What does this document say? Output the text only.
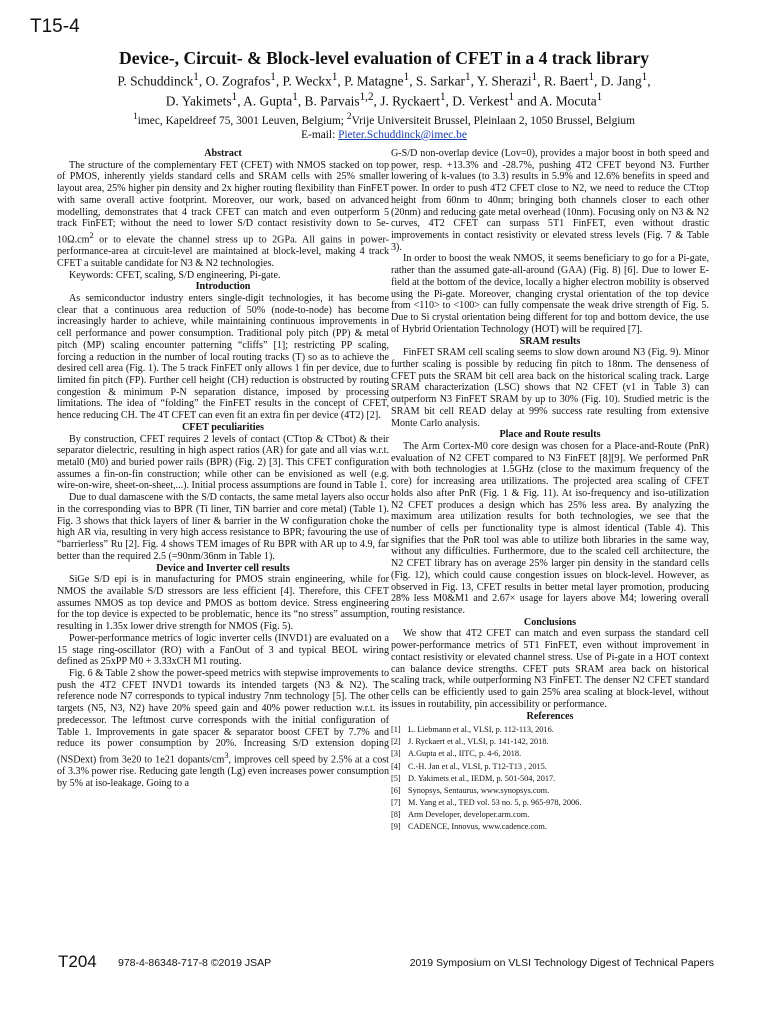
T15-4
Device-, Circuit- & Block-level evaluation of CFET in a 4 track library
P. Schuddinck$^1$, O. Zografos$^1$, P. Weckx$^1$, P. Matagne$^1$, S. Sarkar$^1$, Y. Sherazi$^1$, R. Baert$^1$, D. Jang$^1$,
D. Yakimets$^1$, A. Gupta$^1$, B. Parvais$^{1,2}$, J. Ryckaert$^1$, D. Verkest$^1$ and A. Mocuta$^1$
$^1$imec, Kapeldreef 75, 3001 Leuven, Belgium; $^2$Vrije Universiteit Brussel, Pleinlaan 2, 1050 Brussel, Belgium
E-mail: Pieter.Schuddinck@imec.be
Abstract

The structure of the complementary FET (CFET) with NMOS stacked on top of PMOS, inherently yields standard cells and SRAM cells with 25% smaller layout area, 25% higher pin density and 2x higher routing flexibility than FinFET with same overall active footprint. Moreover, our work, based on advanced modelling, demonstrates that 4 track CFET can match and even outperform 5 track FinFET; without the need to lower S/D contact resistivity down to $5e-10\Omega.cm^2$ or to elevate the channel stress up to 2GPa. All gains in power-performance-area at circuit-level are maintained at block-level, making 4 track CFET a suitable candidate for N3 & N2 technologies.

Keywords: CFET, scaling, S/D engineering, Pi-gate.

Introduction

As semiconductor industry enters single-digit technologies, it has become clear that a continuous area reduction of 50% (node-to-node) has become increasingly harder to achieve, while maintaining continuous improvements in cell performance and power consumption. Traditional poly pitch (PP) & metal pitch (MP) scaling encounter patterning “cliffs” [1]; restricting PP scaling, forcing a reduction in the number of local routing tracks (T) so as to achieve the desired cell area (Fig. 1). The 5 track FinFET only allows 1 fin per device, due to limited fin pitch (FP). Further cell height (CH) reduction is obstructed by routing congestion & minimum P-N separation distance, imposed by processing limitations. The idea of “folding” the FinFET results in the concept of CFET, hence reducing CH. The 4T CFET can even fit an extra fin per device (4T2) [2].

CFET peculiarities

By construction, CFET requires 2 levels of contact (CTtop & CTbot) & their separator dielectric, resulting in high aspect ratios (AR) for gate and all vias w.r.t. metal0 (M0) and buried power rails (BPR) (Fig. 2) [3]. This CFET configuration assumes a fin-on-fin construction; while other can be envisioned as well (e.g. wire-on-wire, sheet-on-sheet,...). Initial process assumptions are found in Table 1.

Due to dual damascene with the S/D contacts, the same metal layers also occur in the corresponding vias to BPR (Ti liner, TiN barrier and core metal) (Table 1). Fig. 3 shows that thick layers of liner & barrier in the W configuration choke the high AR via, resulting in very high access resistance to BPR; favouring the use of “barrierless” Ru [2]. Fig. 4 shows TEM images of Ru BPR with AR up to 4.9, far better than the required 2.5 (=90nm/36nm in Table 1).

Device and Inverter cell results

SiGe S/D epi is in manufacturing for PMOS strain engineering, while for NMOS the available S/D stressors are less efficient [4]. Therefore, this CFET assumes NMOS as top device and PMOS as bottom device. Stress engineering for the top device is expected to be problematic, hence its “no stress” assumption, resulting in 1.35x lower drive strength for NMOS (Fig. 5).

Power-performance metrics of logic inverter cells (INVD1) are evaluated on a 15 stage ring-oscillator (RO) with a FanOut of 3 and typical BEOL wiring defined as 25xPP M0 + 3.33xCH M1 routing.

Fig. 6 & Table 2 show the power-speed metrics with stepwise improvements to push the 4T2 CFET INVD1 towards its intended targets (N3 & N2). The reference node N7 corresponds to typical industry 7nm technology [5]. The other targets (N5, N3, N2) have 20% speed gain and 40% power reduction w.r.t. its predecessor. The leftmost curve corresponds with the initial configuration of Table 1. Improvements in gate spacer & separator boost CFET by 7.7% and reduce its power consumption by 20%. Increasing S/D extension doping (NSDext) from 3e20 to 1e21 dopants/$cm^3$, improves cell speed by 2.5% at a cost of 3.3% power rise. Reducing gate length (Lg) even increases power consumption by 5% at iso-leakage. Going to a

G-S/D non-overlap device (Lov=0), provides a major boost in both speed and power, resp. +13.3% and -28.7%, pushing 4T2 CFET beyond N3. Further lowering of k-values (to 3.3) results in 5.9% and 12.6% benefits in speed and power. In order to push 4T2 CFET close to N2, we need to reduce the CTtop height from 60nm to 40nm; bringing both channels closer to each other (20nm) and reducing gate metal overhead (10nm). Focusing only on N3 & N2 curves, 4T2 CFET can surpass 5T1 FinFET, even without drastic improvements in contact resistivity or elevated stress levels (Fig. 7 & Table 3).

In order to boost the weak NMOS, it seems beneficiary to go for a Pi-gate, rather than the assumed gate-all-around (GAA) (Fig. 8) [6]. Due to lower E-field at the bottom of the device, locally a higher electron mobility is observed using the Pi-gate. Moreover, changing crystal orientation of the top device from <110> to <100> can fully compensate the weak drive strength of Fig. 5. Due to Si crystal orientation being different for top and bottom device, the use of Hybrid Orientation Technology (HOT) will be required [7].

SRAM results

FinFET SRAM cell scaling seems to slow down around N3 (Fig. 9). Minor further scaling is possible by reducing fin pitch to 18nm. The denseness of CFET puts the SRAM bit cell area back on the historical scaling track. Large SRAM characterization (LSC) shows that N2 CFET (v1 in Table 3) can outperform N3 FinFET SRAM by up to 30% (Fig. 10). Studied metric is the SRAM bit cell READ delay at 99% success rate resulting from extensive Monte Carlo analysis.

Place and Route results

The Arm Cortex-M0 core design was chosen for a Place-and-Route (PnR) evaluation of N2 CFET compared to N3 FinFET [8][9]. We performed PnR with both technologies at 1.5GHz (close to the maximum frequency of the core) for increasing area utilizations. The projected area scaling of CFET holds also after PnR (Fig. 1 & Fig. 11). At iso-frequency and iso-utilization N2 CFET produces a design which has 25% less area. By analyzing the maximum area utilization results for both technologies, we see that the number of cells per functionality type is almost identical (Table 4). This signifies that the PnR tool was able to utilize both libraries in the same way, without any difficulties. Furthermore, due to the scaled cell architecture, the N2 CFET library has on average 25% larger pin density in the standard cells (Fig. 12), which could cause congestion issues on block-level. However, as observed in Fig. 13, CFET results in better metal layer promotion, producing 28% less M0&M1 and 2.67× usage for layers above M4; lowering overall routing resistance.

Conclusions

We show that 4T2 CFET can match and even surpass the standard cell power-performance metrics of 5T1 FinFET, even without improvement in contact resistivity or elevated channel stress. Use of Pi-gate in a HOT context can balance device strengths. CFET puts SRAM area back on historical scaling track, while outperforming N3 FinFET. The denser N2 CFET standard cells can be efficiently used to gain 25% area scaling at block-level, without issues in routability, pin accessibility or performance.

References
[1] L. Liebmann et al., VLSI, p. 112-113, 2016.
[2] J. Ryckaert et al., VLSI, p. 141-142, 2018.
[3] A.Gupta et al., IITC, p. 4-6, 2018.
[4] C.-H. Jan et al., VLSI, p. T12-T13 , 2015.
[5] D. Yakimets et al., IEDM, p. 501-504, 2017.
[6] Synopsys, Sentaurus, www.synopsys.com.
[7] M. Yang et al., TED vol. 53 no. 5, p. 965-978, 2006.
[8] Arm Developer, developer.arm.com.
[9] CADENCE, Innovus, www.cadence.com.
T204 978-4-86348-717-8 ©2019 JSAP	2019 Symposium on VLSI Technology Digest of Technical Papers
